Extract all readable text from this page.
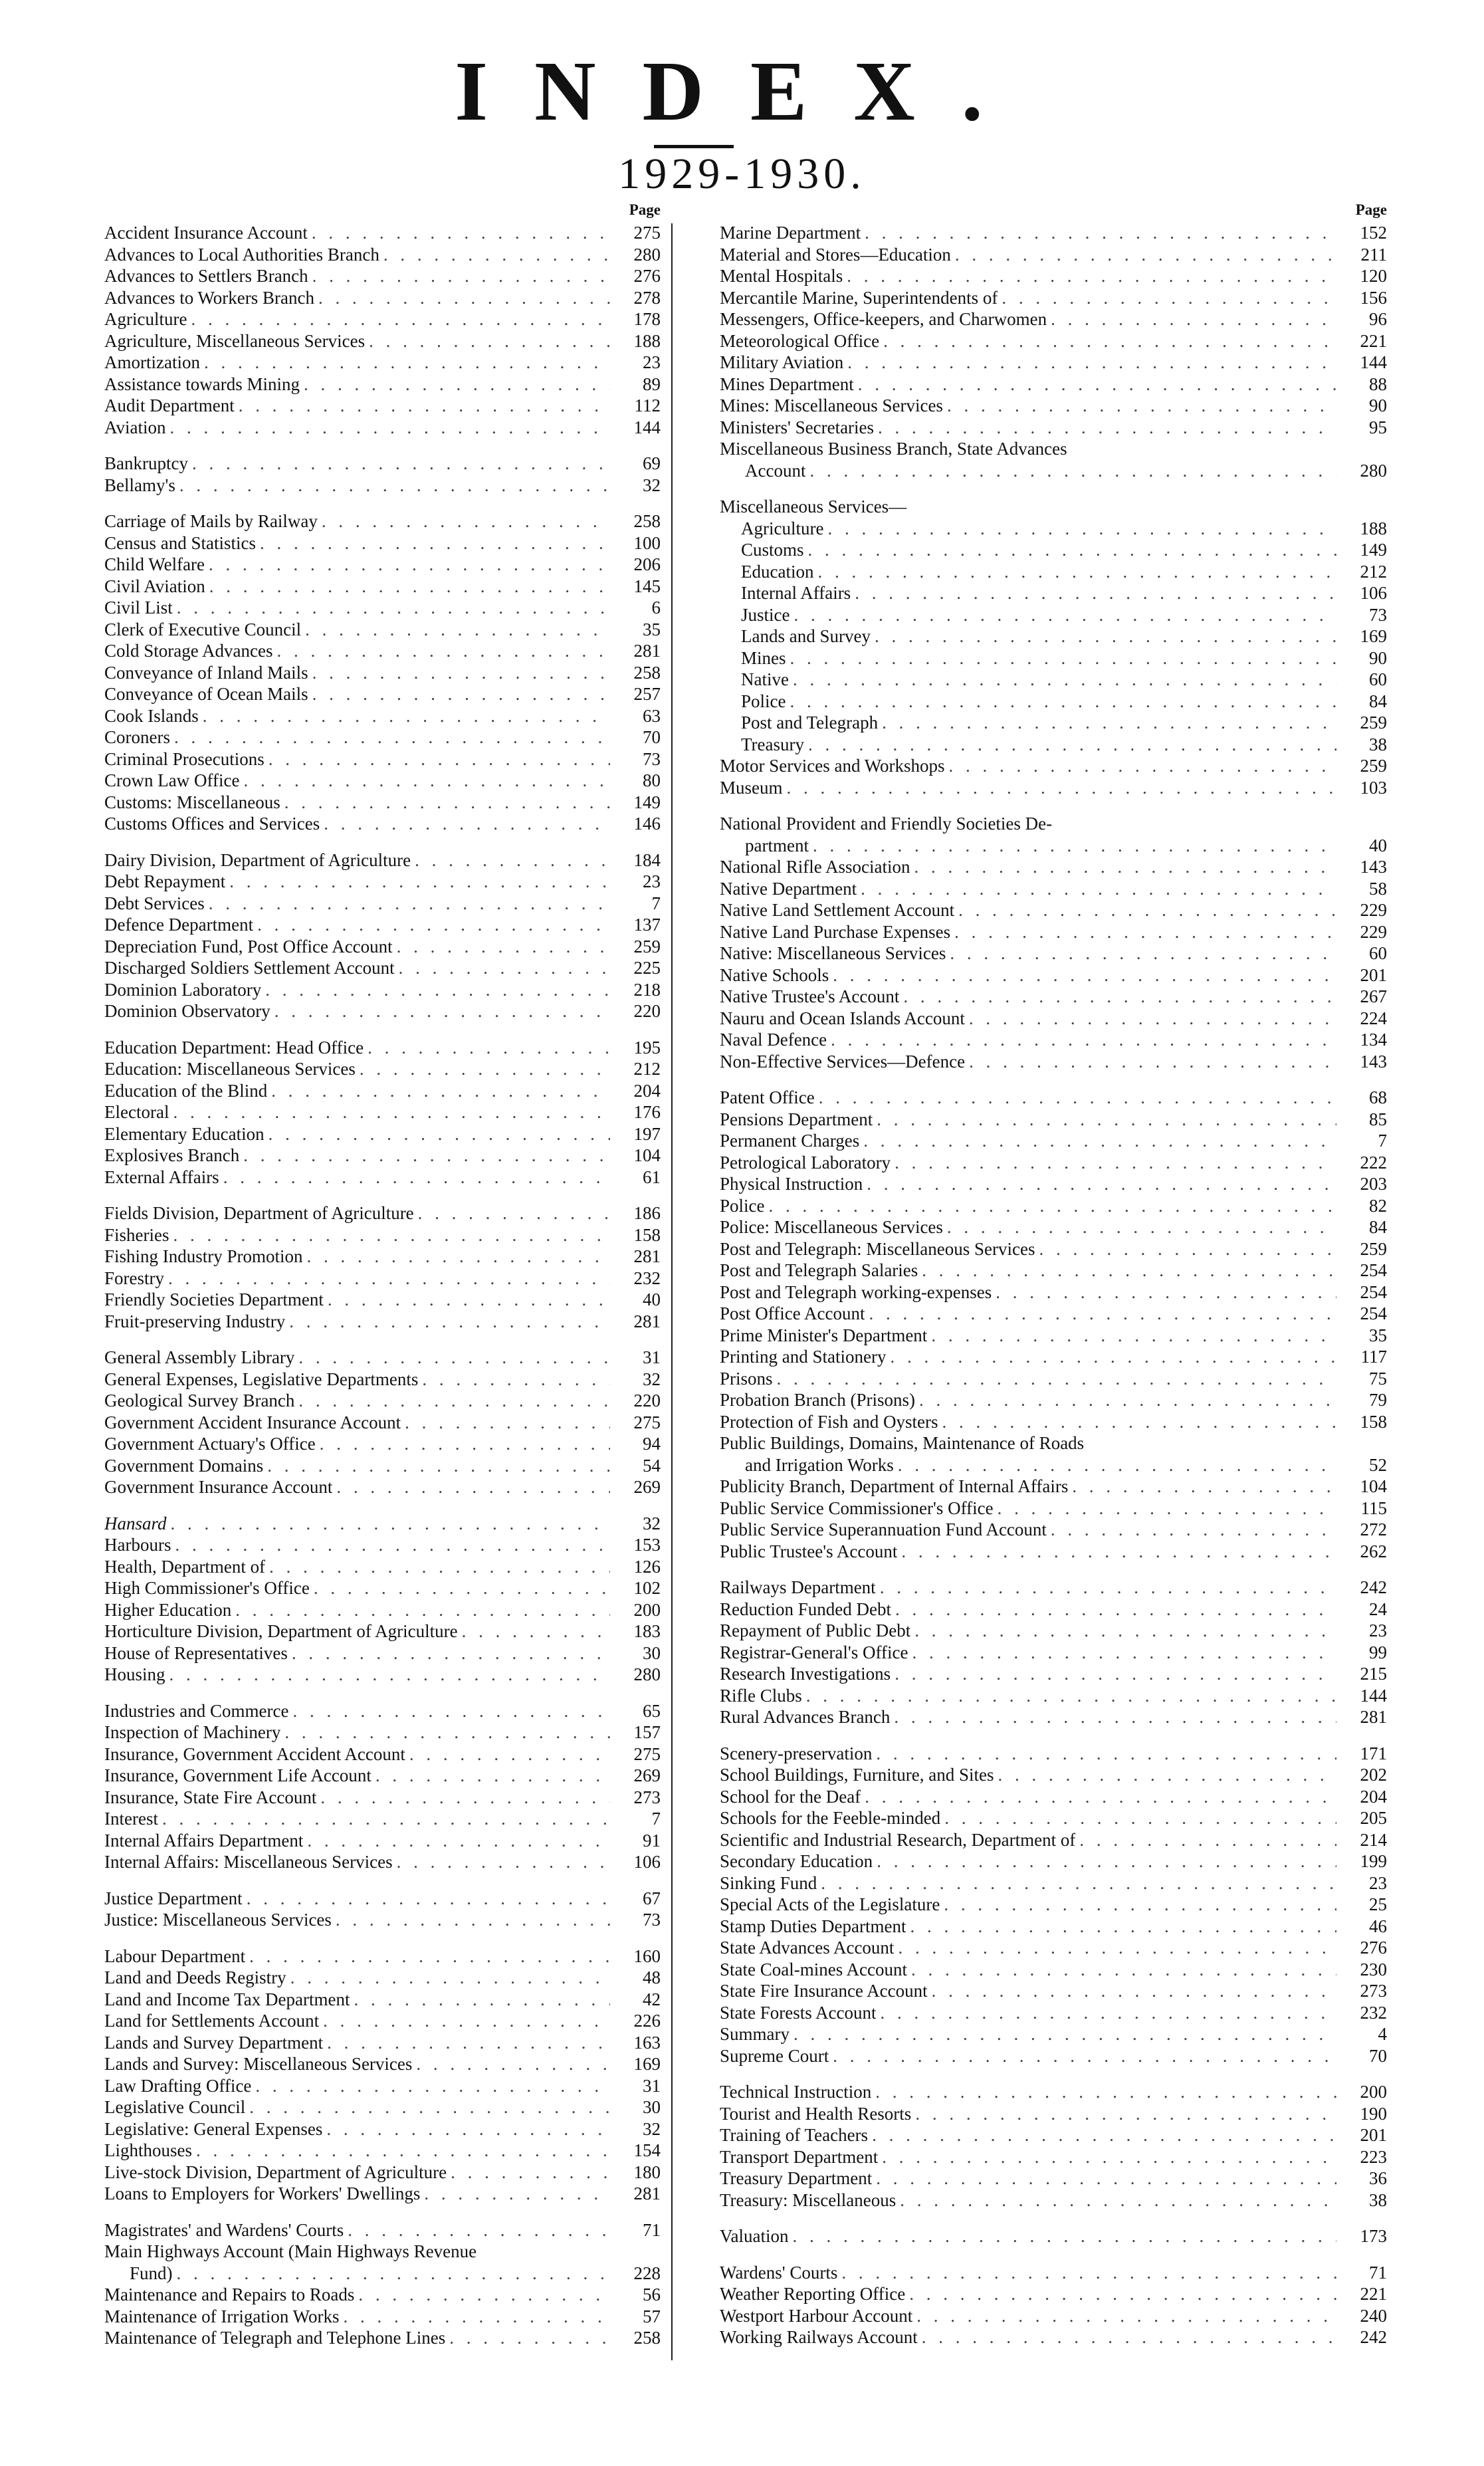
INDEX.
1929-1930.
Page
Accident Insurance Account . . .	275
Advances to Local Authorities Branch . . .	280
Advances to Settlers Branch . . .	276
Advances to Workers Branch . . .	278
Agriculture . . .	178
Agriculture, Miscellaneous Services . . .	188
Amortization . . .	23
Assistance towards Mining . . .	89
Audit Department . . .	112
Aviation . . .	144
Bankruptcy . . .	69
Bellamy's . . .	32
Carriage of Mails by Railway . . .	258
Census and Statistics . . .	100
Child Welfare . . .	206
Civil Aviation . . .	145
Civil List . . .	6
Clerk of Executive Council . . .	35
Cold Storage Advances . . .	281
Conveyance of Inland Mails . . .	258
Conveyance of Ocean Mails . . .	257
Cook Islands . . .	63
Coroners . . .	70
Criminal Prosecutions . . .	73
Crown Law Office . . .	80
Customs: Miscellaneous . . .	149
Customs Offices and Services . . .	146
Dairy Division, Department of Agriculture . . .	184
Debt Repayment . . .	23
Debt Services . . .	7
Defence Department . . .	137
Depreciation Fund, Post Office Account . . .	259
Discharged Soldiers Settlement Account . . .	225
Dominion Laboratory . . .	218
Dominion Observatory . . .	220
Education Department: Head Office . . .	195
Education: Miscellaneous Services . . .	212
Education of the Blind . . .	204
Electoral . . .	176
Elementary Education . . .	197
Explosives Branch . . .	104
External Affairs . . .	61
Fields Division, Department of Agriculture . . .	186
Fisheries . . .	158
Fishing Industry Promotion . . .	281
Forestry . . .	232
Friendly Societies Department . . .	40
Fruit-preserving Industry . . .	281
General Assembly Library . . .	31
General Expenses, Legislative Departments . . .	32
Geological Survey Branch . . .	220
Government Accident Insurance Account . . .	275
Government Actuary's Office . . .	94
Government Domains . . .	54
Government Insurance Account . . .	269
Hansard . . .	32
Harbours . . .	153
Health, Department of . . .	126
High Commissioner's Office . . .	102
Higher Education . . .	200
Horticulture Division, Department of Agriculture . . .	183
House of Representatives . . .	30
Housing . . .	280
Industries and Commerce . . .	65
Inspection of Machinery . . .	157
Insurance, Government Accident Account . . .	275
Insurance, Government Life Account . . .	269
Insurance, State Fire Account . . .	273
Interest . . .	7
Internal Affairs Department . . .	91
Internal Affairs: Miscellaneous Services . . .	106
Justice Department . . .	67
Justice: Miscellaneous Services . . .	73
Labour Department . . .	160
Land and Deeds Registry . . .	48
Land and Income Tax Department . . .	42
Land for Settlements Account . . .	226
Lands and Survey Department . . .	163
Lands and Survey: Miscellaneous Services . . .	169
Law Drafting Office . . .	31
Legislative Council . . .	30
Legislative: General Expenses . . .	32
Lighthouses . . .	154
Live-stock Division, Department of Agriculture . . .	180
Loans to Employers for Workers' Dwellings . . .	281
Magistrates' and Wardens' Courts . . .	71
Main Highways Account (Main Highways Revenue
Fund) . . .	228
Maintenance and Repairs to Roads . . .	56
Maintenance of Irrigation Works . . .	57
Maintenance of Telegraph and Telephone Lines . . .	258
Page
Marine Department . . .	152
Material and Stores—Education . . .	211
Mental Hospitals . . .	120
Mercantile Marine, Superintendents of . . .	156
Messengers, Office-keepers, and Charwomen . . .	96
Meteorological Office . . .	221
Military Aviation . . .	144
Mines Department . . .	88
Mines: Miscellaneous Services . . .	90
Ministers' Secretaries . . .	95
Miscellaneous Business Branch, State Advances
Account . . .	280
Miscellaneous Services—
Agriculture . . .	188
Customs . . .	149
Education . . .	212
Internal Affairs . . .	106
Justice . . .	73
Lands and Survey . . .	169
Mines . . .	90
Native . . .	60
Police . . .	84
Post and Telegraph . . .	259
Treasury . . .	38
Motor Services and Workshops . . .	259
Museum . . .	103
National Provident and Friendly Societies De-
partment . . .	40
National Rifle Association . . .	143
Native Department . . .	58
Native Land Settlement Account . . .	229
Native Land Purchase Expenses . . .	229
Native: Miscellaneous Services . . .	60
Native Schools . . .	201
Native Trustee's Account . . .	267
Nauru and Ocean Islands Account . . .	224
Naval Defence . . .	134
Non-Effective Services—Defence . . .	143
Patent Office . . .	68
Pensions Department . . .	85
Permanent Charges . . .	7
Petrological Laboratory . . .	222
Physical Instruction . . .	203
Police . . .	82
Police: Miscellaneous Services . . .	84
Post and Telegraph: Miscellaneous Services . . .	259
Post and Telegraph Salaries . . .	254
Post and Telegraph working-expenses . . .	254
Post Office Account . . .	254
Prime Minister's Department . . .	35
Printing and Stationery . . .	117
Prisons . . .	75
Probation Branch (Prisons) . . .	79
Protection of Fish and Oysters . . .	158
Public Buildings, Domains, Maintenance of Roads
and Irrigation Works . . .	52
Publicity Branch, Department of Internal Affairs . . .	104
Public Service Commissioner's Office . . .	115
Public Service Superannuation Fund Account . . .	272
Public Trustee's Account . . .	262
Railways Department . . .	242
Reduction Funded Debt . . .	24
Repayment of Public Debt . . .	23
Registrar-General's Office . . .	99
Research Investigations . . .	215
Rifle Clubs . . .	144
Rural Advances Branch . . .	281
Scenery-preservation . . .	171
School Buildings, Furniture, and Sites . . .	202
School for the Deaf . . .	204
Schools for the Feeble-minded . . .	205
Scientific and Industrial Research, Department of . . .	214
Secondary Education . . .	199
Sinking Fund . . .	23
Special Acts of the Legislature . . .	25
Stamp Duties Department . . .	46
State Advances Account . . .	276
State Coal-mines Account . . .	230
State Fire Insurance Account . . .	273
State Forests Account . . .	232
Summary . . .	4
Supreme Court . . .	70
Technical Instruction . . .	200
Tourist and Health Resorts . . .	190
Training of Teachers . . .	201
Transport Department . . .	223
Treasury Department . . .	36
Treasury: Miscellaneous . . .	38
Valuation . . .	173
Wardens' Courts . . .	71
Weather Reporting Office . . .	221
Westport Harbour Account . . .	240
Working Railways Account . . .	242
